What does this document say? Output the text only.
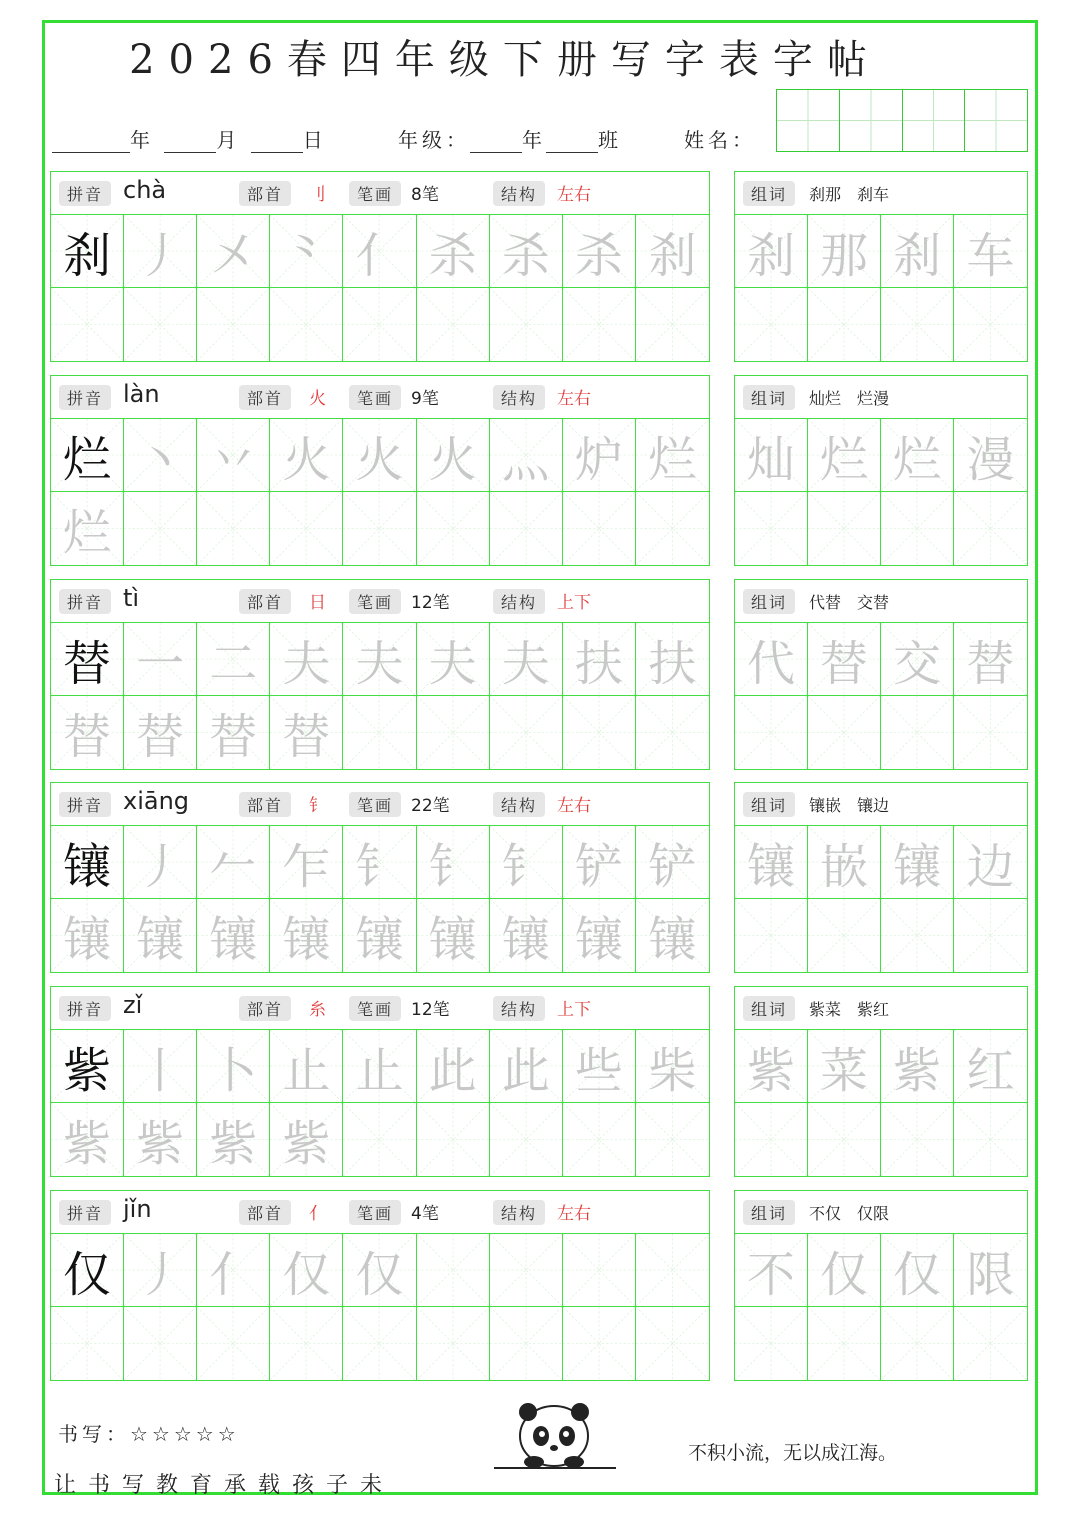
2026春四年级下册写字表字帖
年	月	日	年级：	年	班	姓名：
拼音 chà	部首	刂	笔画	8笔	结构	左右
刹 丿 㐅 ⺀ 亻 杀 杀 杀 刹
组词	刹那　刹车
刹 那 刹 车
拼音 làn	部首	火	笔画	9笔	结构	左右
烂 丶 丷 火 火 火 灬 炉 烂
烂
组词	灿烂　烂漫
灿 烂 烂 漫
拼音 tì	部首	日	笔画	12笔	结构	上下
替 一 二 夫 夫 夫 夫 扶 扶
替 替 替 替
组词	代替　交替
代 替 交 替
拼音 xiāng	部首	钅	笔画	22笔	结构	左右
镶 丿 𠂉 乍 钅 钅 钅 铲 铲
镶 镶 镶 镶 镶 镶 镶 镶 镶
组词	镶嵌　镶边
镶 嵌 镶 边
拼音 zǐ	部首	糸	笔画	12笔	结构	上下
紫 丨 卜 止 止 此 此 些 柴
紫 紫 紫 紫
组词	紫菜　紫红
紫 菜 紫 红
拼音 jǐn	部首	亻	笔画	4笔	结构	左右
仅 丿 亻 仅 仅
组词	不仅　仅限
不 仅 仅 限
书写：☆☆☆☆☆
不积小流，无以成江海。
让书写教育承载孩子未
